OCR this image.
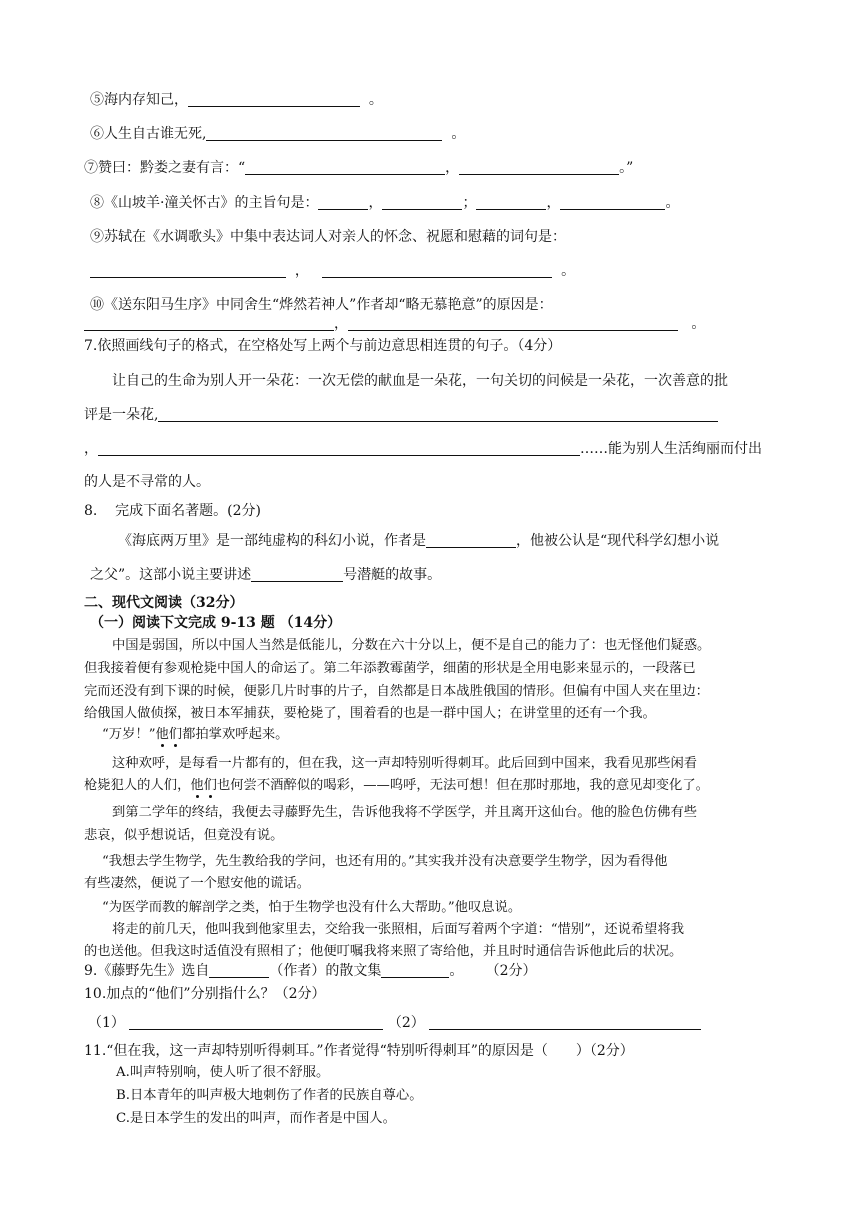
⑤海内存知己，	。
⑥人生自古谁无死,	。
⑦赞曰：黔娄之妻有言：“	，	。”
⑧《山坡羊·潼关怀古》的主旨句是：	，	；	，	。
⑨苏轼在《水调歌头》中集中表达词人对亲人的怀念、祝愿和慰藉的词句是：
，	。
⑩《送东阳马生序》中同舍生“烨然若神人”作者却“略无慕艳意”的原因是：
，	。
7.依照画线句子的格式，在空格处写上两个与前边意思相连贯的句子。（4分）
让自己的生命为别人开一朵花：一次无偿的献血是一朵花，一句关切的问候是一朵花，一次善意的批
评是一朵花,
，	……能为别人生活绚丽而付出
的人是不寻常的人。
8. 完成下面名著题。(2分)
《海底两万里》是一部纯虚构的科幻小说，作者是	，他被公认是“现代科学幻想小说
之父”。这部小说主要讲述	号潜艇的故事。
二、现代文阅读（32分）
（一）阅读下文完成 9-13 题 （14分）
中国是弱国，所以中国人当然是低能儿，分数在六十分以上，便不是自己的能力了：也无怪他们疑惑。
但我接着便有参观枪毙中国人的命运了。第二年添教霉菌学，细菌的形状是全用电影来显示的，一段落已
完而还没有到下课的时候，便影几片时事的片子，自然都是日本战胜俄国的情形。但偏有中国人夹在里边：
给俄国人做侦探，被日本军捕获，要枪毙了，围着看的也是一群中国人；在讲堂里的还有一个我。
“万岁！”他们都拍掌欢呼起来。
这种欢呼，是每看一片都有的，但在我，这一声却特别听得刺耳。此后回到中国来，我看见那些闲看
枪毙犯人的人们，他们也何尝不酒醉似的喝彩，——呜呼，无法可想！但在那时那地，我的意见却变化了。
到第二学年的终结，我便去寻藤野先生，告诉他我将不学医学，并且离开这仙台。他的脸色仿佛有些
悲哀，似乎想说话，但竟没有说。
“我想去学生物学，先生教给我的学问，也还有用的。”其实我并没有决意要学生物学，因为看得他
有些凄然，便说了一个慰安他的谎话。
“为医学而教的解剖学之类，怕于生物学也没有什么大帮助。”他叹息说。
将走的前几天，他叫我到他家里去，交给我一张照相，后面写着两个字道：“惜别”，还说希望将我
的也送他。但我这时适值没有照相了；他便叮嘱我将来照了寄给他，并且时时通信告诉他此后的状况。
9.《藤野先生》选自	（作者）的散文集	。 （2分）
10.加点的“他们”分别指什么？（2分）
（1）	（2）
11.“但在我，这一声却特别听得刺耳。”作者觉得“特别听得刺耳”的原因是（　　）（2分）
A.叫声特别响，使人听了很不舒服。
B.日本青年的叫声极大地刺伤了作者的民族自尊心。
C.是日本学生的发出的叫声，而作者是中国人。
